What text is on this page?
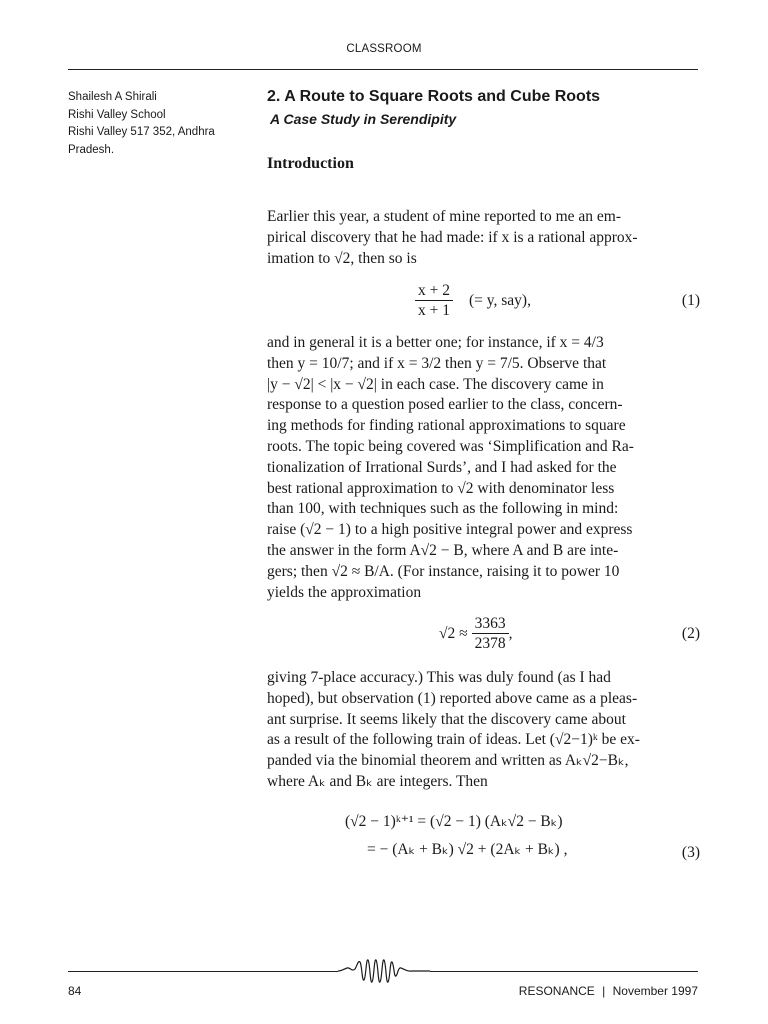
CLASSROOM
Shailesh A Shirali
Rishi Valley School
Rishi Valley 517 352, Andhra
Pradesh.
2. A Route to Square Roots and Cube Roots
A Case Study in Serendipity
Introduction
Earlier this year, a student of mine reported to me an em-
pirical discovery that he had made: if x is a rational approx-
imation to √2, then so is
$\frac{x + 2}{x + 1}$ (= y, say),	(1)
and in general it is a better one; for instance, if x = 4/3
then y = 10/7; and if x = 3/2 then y = 7/5. Observe that
|y − √2| < |x − √2| in each case. The discovery came in
response to a question posed earlier to the class, concern-
ing methods for finding rational approximations to square
roots. The topic being covered was ‘Simplification and Ra-
tionalization of Irrational Surds’, and I had asked for the
best rational approximation to √2 with denominator less
than 100, with techniques such as the following in mind:
raise (√2 − 1) to a high positive integral power and express
the answer in the form A√2 − B, where A and B are inte-
gers; then √2 ≈ B/A. (For instance, raising it to power 10
yields the approximation
$√2 \approx \frac{3363}{2378}$ ,	(2)
giving 7-place accuracy.) This was duly found (as I had
hoped), but observation (1) reported above came as a pleas-
ant surprise. It seems likely that the discovery came about
as a result of the following train of ideas. Let (√2−1)ᵏ be ex-
panded via the binomial theorem and written as Aₖ√2−Bₖ,
where Aₖ and Bₖ are integers. Then
(√2 − 1)ᵏ⁺¹ = (√2 − 1) (Aₖ√2 − Bₖ)
= − (Aₖ + Bₖ) √2 + (2Aₖ + Bₖ) ,	(3)
84	RESONANCE | November 1997
